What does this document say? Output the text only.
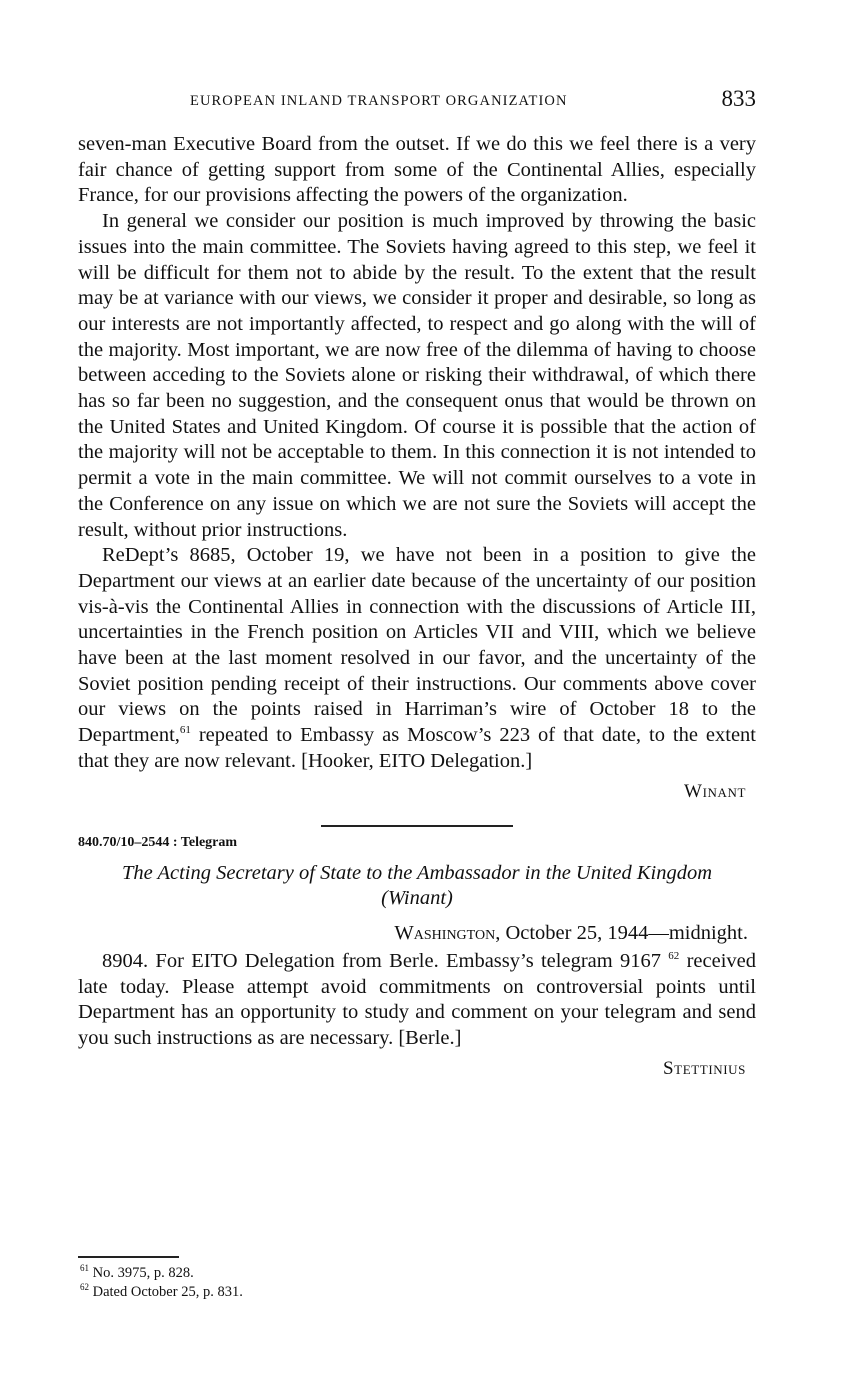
EUROPEAN INLAND TRANSPORT ORGANIZATION	833

seven-man Executive Board from the outset. If we do this we feel there is a very fair chance of getting support from some of the Continental Allies, especially France, for our provisions affecting the powers of the organization.

In general we consider our position is much improved by throwing the basic issues into the main committee. The Soviets having agreed to this step, we feel it will be difficult for them not to abide by the result. To the extent that the result may be at variance with our views, we consider it proper and desirable, so long as our interests are not importantly affected, to respect and go along with the will of the majority. Most important, we are now free of the dilemma of having to choose between acceding to the Soviets alone or risking their withdrawal, of which there has so far been no suggestion, and the consequent onus that would be thrown on the United States and United Kingdom. Of course it is possible that the action of the majority will not be acceptable to them. In this connection it is not intended to permit a vote in the main committee. We will not commit ourselves to a vote in the Conference on any issue on which we are not sure the Soviets will accept the result, without prior instructions.

ReDept’s 8685, October 19, we have not been in a position to give the Department our views at an earlier date because of the uncertainty of our position vis-à-vis the Continental Allies in connection with the discussions of Article III, uncertainties in the French position on Articles VII and VIII, which we believe have been at the last moment resolved in our favor, and the uncertainty of the Soviet position pending receipt of their instructions. Our comments above cover our views on the points raised in Harriman’s wire of October 18 to the Department,$^{61}$ repeated to Embassy as Moscow’s 223 of that date, to the extent that they are now relevant. [Hooker, EITO Delegation.]

Winant
840.70/10–2544 : Telegram
The Acting Secretary of State to the Ambassador in the United Kingdom (Winant)
Washington, October 25, 1944—midnight.

8904. For EITO Delegation from Berle. Embassy’s telegram 9167 $^{62}$ received late today. Please attempt avoid commitments on controversial points until Department has an opportunity to study and comment on your telegram and send you such instructions as are necessary. [Berle.]

Stettinius
$^{61}$ No. 3975, p. 828.
$^{62}$ Dated October 25, p. 831.
